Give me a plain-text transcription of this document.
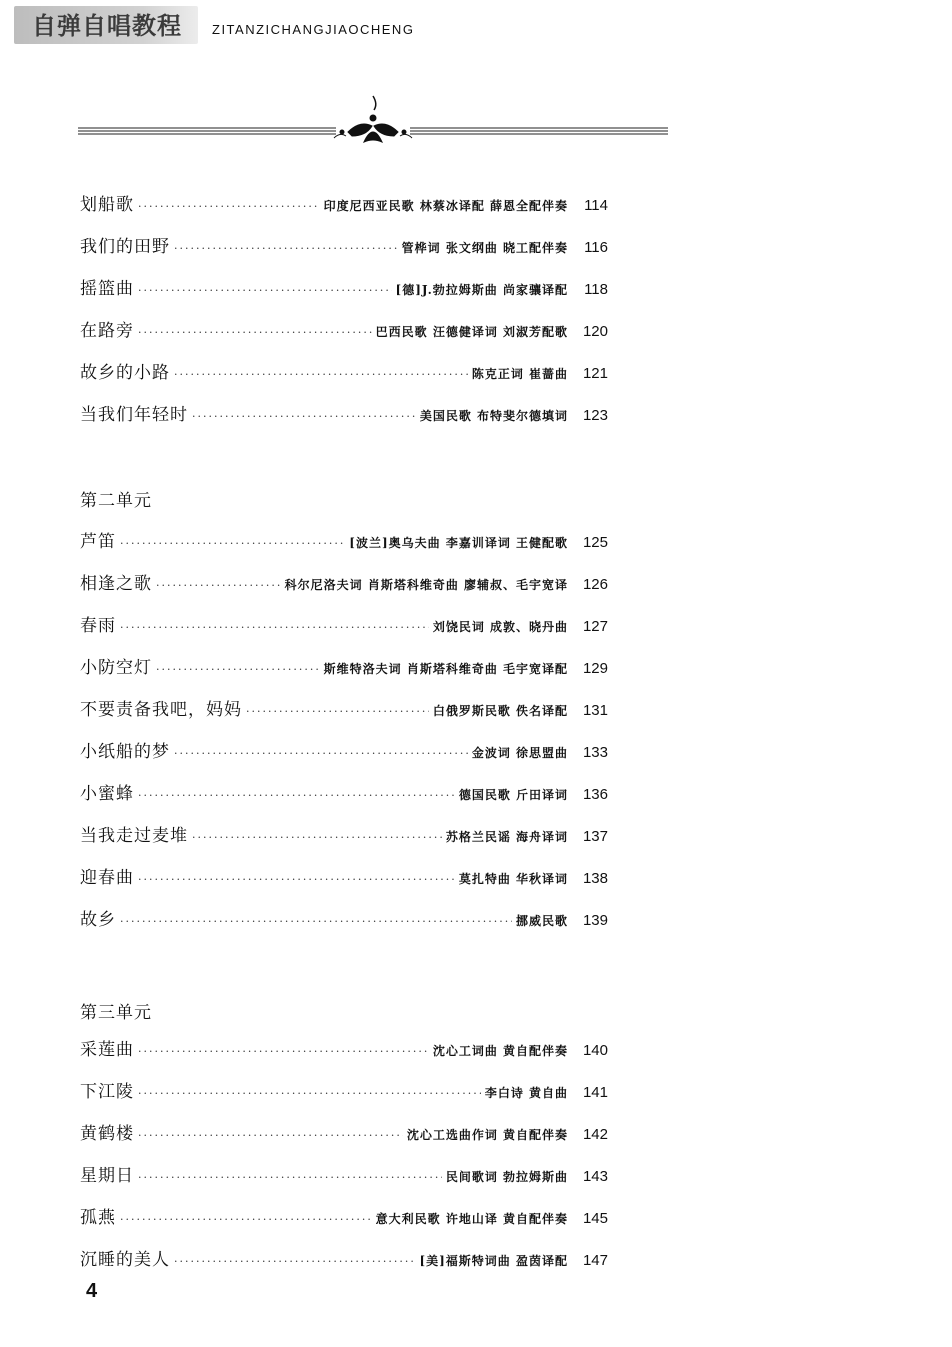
自弹自唱教程 ZITANZICHANGJIAOCHENG
划船歌 ·····	印度尼西亚民歌 林蔡冰译配 薛恩全配伴奏	114
我们的田野 ·····	管桦词 张文纲曲 晓工配伴奏	116
摇篮曲 ·····	[德]J.勃拉姆斯曲 尚家骧译配	118
在路旁 ·····	巴西民歌 汪德健译词 刘淑芳配歌 120
故乡的小路 ·····	陈克正词 崔蔷曲 121
当我们年轻时 ·····	美国民歌 布特斐尔德填词 123
第二单元
芦笛 ·····	[波兰]奥乌夫曲 李嘉训译词 王健配歌 125
相逢之歌 ·····	科尔尼洛夫词 肖斯塔科维奇曲 廖辅叔、毛宇宽译 126
春雨 ·····	刘饶民词 成敦、晓丹曲 127
小防空灯 ·····	斯维特洛夫词 肖斯塔科维奇曲 毛宇宽译配 129
不要责备我吧，妈妈 ·····	白俄罗斯民歌 佚名译配 131
小纸船的梦 ·····	金波词 徐思盟曲 133
小蜜蜂 ·····	德国民歌 斤田译词 136
当我走过麦堆 ·····	苏格兰民谣 海舟译词 137
迎春曲 ·····	莫扎特曲 华秋译词 138
故乡 ·····	挪威民歌 139
第三单元
采莲曲 ·····	沈心工词曲 黄自配伴奏 140
下江陵 ·····	李白诗 黄自曲 141
黄鹤楼 ·····	沈心工选曲作词 黄自配伴奏 142
星期日 ·····	民间歌词 勃拉姆斯曲 143
孤燕 ·····	意大利民歌 许地山译 黄自配伴奏 145
沉睡的美人 ·····	[美]福斯特词曲 盈茵译配 147
4
